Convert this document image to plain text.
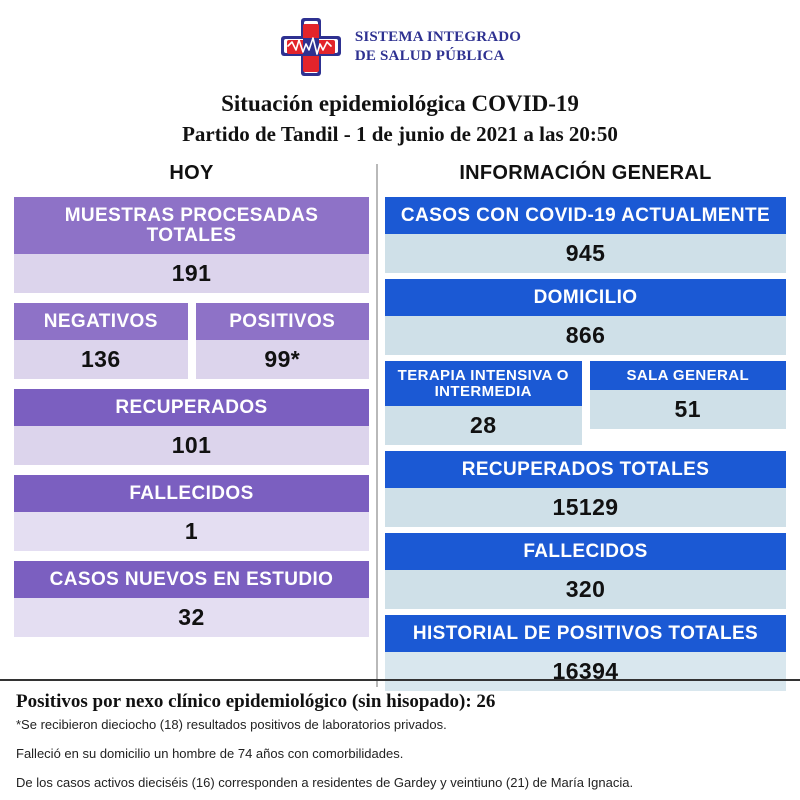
SISTEMA INTEGRADO
DE SALUD PÚBLICA
Situación epidemiológica COVID-19
Partido de Tandil - 1 de junio de 2021 a las 20:50
HOY
MUESTRAS PROCESADAS TOTALES
191
NEGATIVOS
136
POSITIVOS
99*
RECUPERADOS
101
FALLECIDOS
1
CASOS NUEVOS EN ESTUDIO
32
INFORMACIÓN GENERAL
CASOS CON COVID-19 ACTUALMENTE
945
DOMICILIO
866
TERAPIA INTENSIVA O INTERMEDIA
28
SALA GENERAL
51
RECUPERADOS TOTALES
15129
FALLECIDOS
320
HISTORIAL DE POSITIVOS TOTALES
16394
Positivos por nexo clínico epidemiológico (sin hisopado): 26
*Se recibieron dieciocho (18) resultados positivos de laboratorios privados.
Falleció en su domicilio un hombre de 74 años con comorbilidades.
De los casos activos dieciséis (16) corresponden a residentes de Gardey y veintiuno (21) de María Ignacia.
